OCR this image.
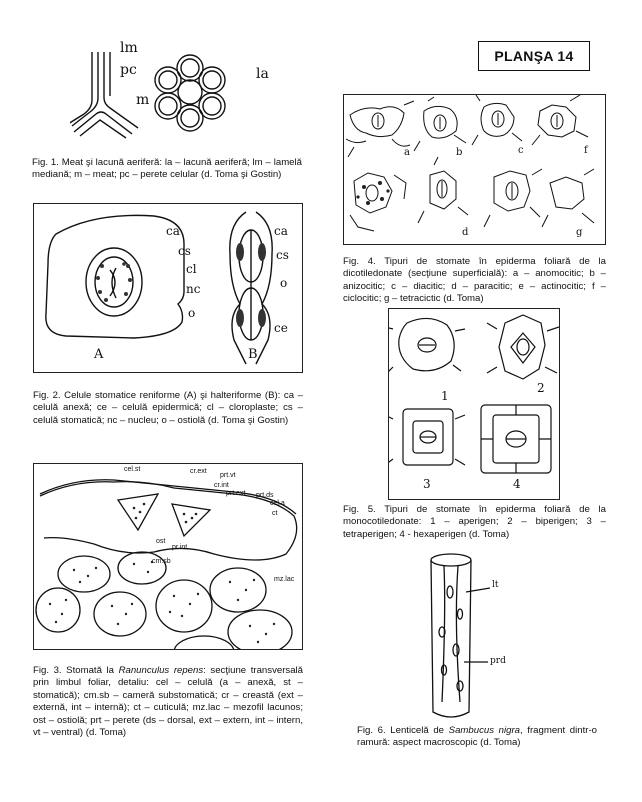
PLANŞA 14
lm
pc
m
la
Fig. 1. Meat şi lacună aeriferă: la – lacună aeriferă; lm – lamelă mediană; m – meat; pc – perete celular (d. Toma şi Gostin)
ca
cs
cl
nc
o
A	B
ca
cs
o
ce
Fig. 2. Celule stomatice reniforme (A) şi halteriforme (B): ca – celulă anexă; ce – celulă epidermică; cl – cloroplaste; cs – celulă stomatică; nc – nucleu; o – ostiolă (d. Toma şi Gostin)
cel.st	cr.ext
prt.vt
cr.int
prt.ext prt.ds
cel.a
ct
ost
pr.int
cm.sb
mz.lac
Fig. 3. Stomată la Ranunculus repens: secţiune transversală prin limbul foliar, detaliu: cel – celulă (a – anexă, st – stomatică); cm.sb – cameră substomatică; cr – creastă (ext – externă, int – internă); ct – cuticulă; mz.lac – mezofil lacunos; ost – ostiolă; prt – perete (ds – dorsal, ext – extern, int – intern, vt – ventral) (d. Toma)
a	b	c	f
d	g
Fig. 4. Tipuri de stomate în epiderma foliară de la dicotiledonate (secţiune superficială): a – anomocitic; b – anizocitic; c – diacitic; d – paracitic; e – actinocitic; f – ciclocitic; g – tetracictic (d. Toma)
1
2
3	4
Fig. 5. Tipuri de stomate în epiderma foliară de la monocotiledonate: 1 – aperigen; 2 – biperigen; 3 – tetraperigen; 4 - hexaperigen (d. Toma)
lt
prd
Fig. 6. Lenticelă de Sambucus nigra, fragment dintr-o ramură: aspect macroscopic (d. Toma)
